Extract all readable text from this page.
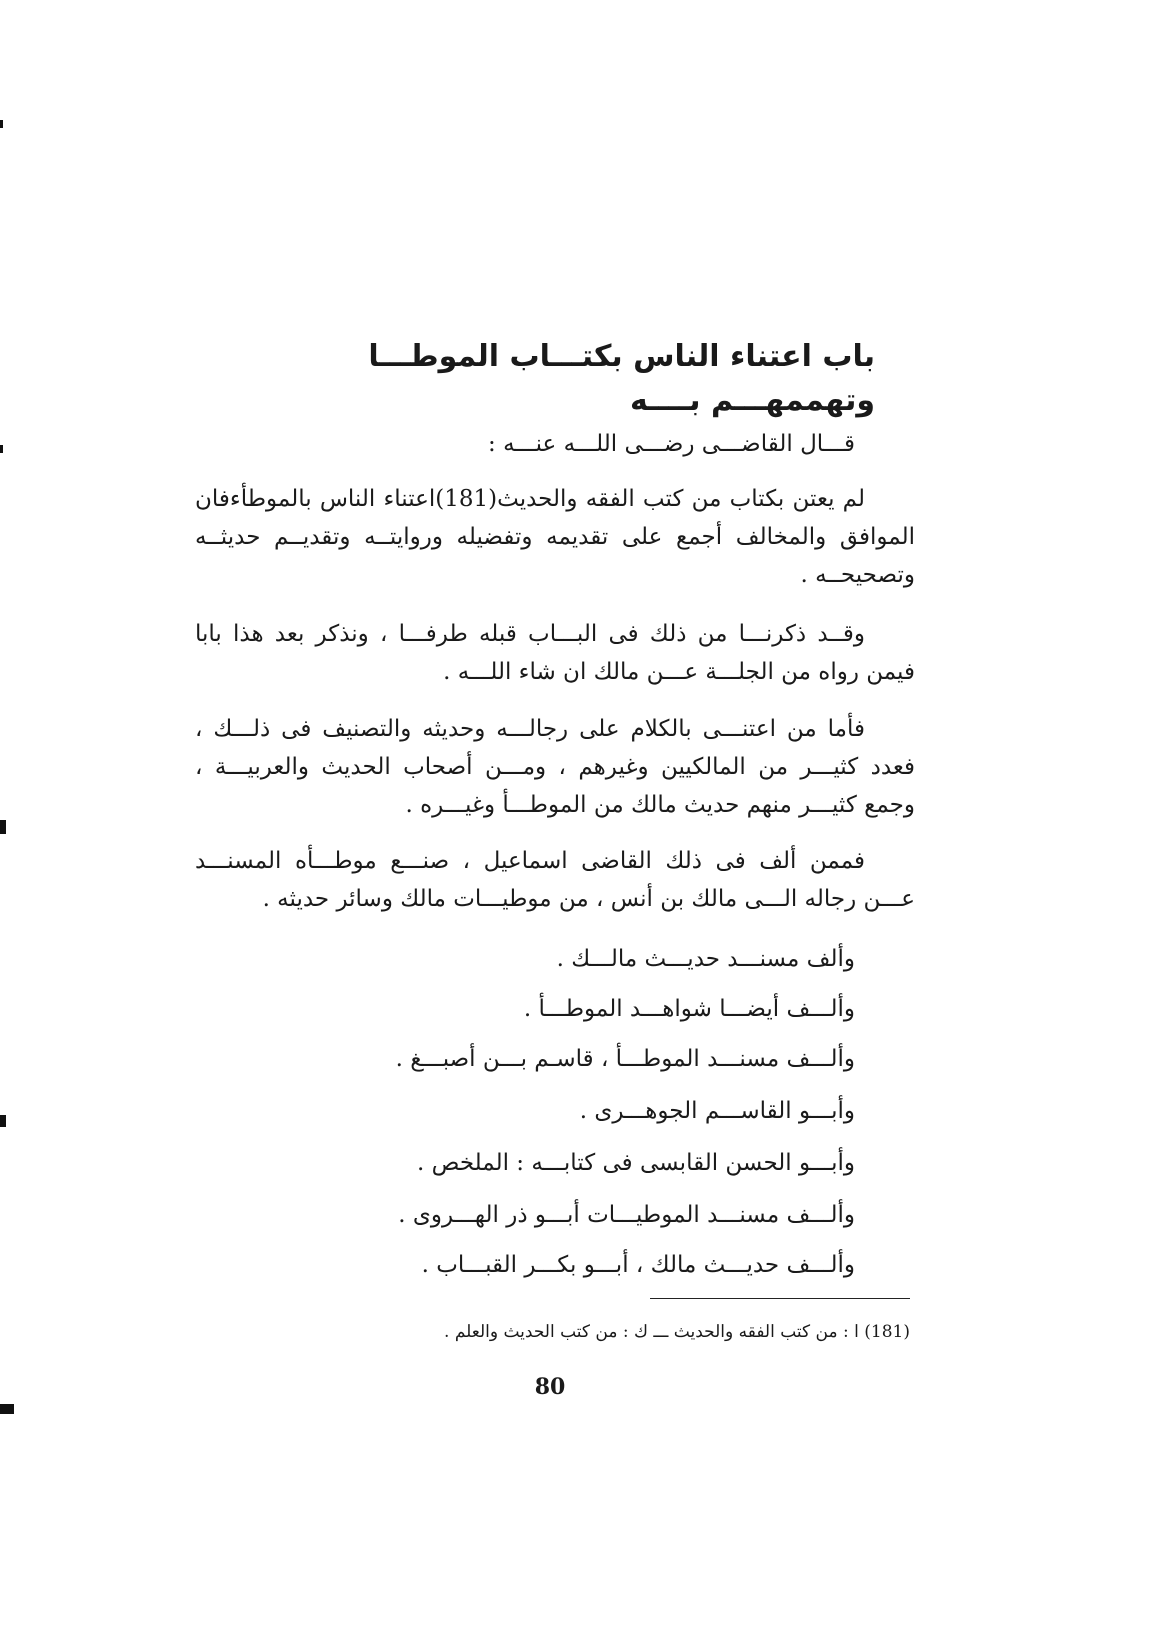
باب اعتناء الناس بكتـــاب الموطـــا وتهممهـــم بــــه

قـــال القاضـــى رضـــى اللـــه عنـــه :

لم يعتن بكتاب من كتب الفقه والحديث(181)اعتناء الناس بالموطأءفان الموافق والمخالف أجمع على تقديمه وتفضيله وروايتــه وتقديــم حديثــه وتصحيحــه .

وقــد ذكرنـــا من ذلك فى البـــاب قبله طرفـــا ، ونذكر بعد هذا بابا فيمن رواه من الجلـــة عـــن مالك ان شاء اللـــه .

فأما من اعتنـــى بالكلام على رجالـــه وحديثه والتصنيف فى ذلـــك ، فعدد كثيـــر من المالكيين وغيرهم ، ومـــن أصحاب الحديث والعربيـــة ، وجمع كثيـــر منهم حديث مالك من الموطـــأ وغيـــره .

فممن ألف فى ذلك القاضى اسماعيل ، صنـــع موطـــأه المسنـــد عـــن رجاله الـــى مالك بن أنس ، من موطيـــات مالك وسائر حديثه .

وألف مسنـــد حديـــث مالـــك .

وألـــف أيضـــا شواهـــد الموطـــأ .

وألـــف مسنـــد الموطـــأ ، قاسـم بـــن أصبـــغ .

وأبـــو القاســـم الجوهـــرى .

وأبـــو الحسن القابسى فى كتابـــه : الملخص .

وألـــف مسنـــد الموطيـــات أبـــو ذر الهـــروى .

وألـــف حديـــث مالك ، أبـــو بكـــر القبـــاب .

(181) ا : من كتب الفقه والحديث ـــ ك : من كتب الحديث والعلم .

80
